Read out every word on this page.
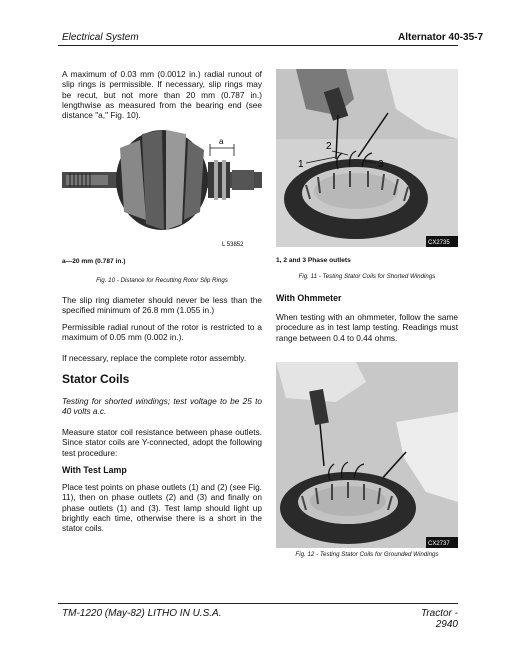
Electrical System	Alternator 40-35-7

A maximum of 0.03 mm (0.0012 in.) radial runout of slip rings is permissible. If necessary, slip rings may be recut, but not more than 20 mm (0.787 in.) lengthwise as measured from the bearing end (see distance "a," Fig. 10).

a
L 53852
a—20 mm (0.787 in.)
Fig. 10 - Distance for Recutting Rotor Slip Rings

The slip ring diameter should never be less than the specified minimum of 26.8 mm (1.055 in.)

Permissible radial runout of the rotor is restricted to a maximum of 0.05 mm (0.002 in.).

If necessary, replace the complete rotor assembly.

Stator Coils

Testing for shorted windings; test voltage to be 25 to 40 volts a.c.

Measure stator coil resistance between phase outlets. Since stator coils are Y-connected, adopt the following test procedure:

With Test Lamp

Place test points on phase outlets (1) and (2) (see Fig. 11), then on phase outlets (2) and (3) and finally on phase outlets (1) and (3). Test lamp should light up brightly each time, otherwise there is a short in the stator coils.

1
2
3
CX2735
1, 2 and 3 Phase outlets
Fig. 11 - Testing Stator Coils for Shorted Windings
With Ohmmeter

When testing with an ohmmeter, follow the same procedure as in test lamp testing. Readings must range between 0.4 to 0.44 ohms.

CX2737
Fig. 12 - Testing Stator Coils for Grounded Windings
TM-1220 (May-82) LITHO IN U.S.A.	Tractor - 2940
